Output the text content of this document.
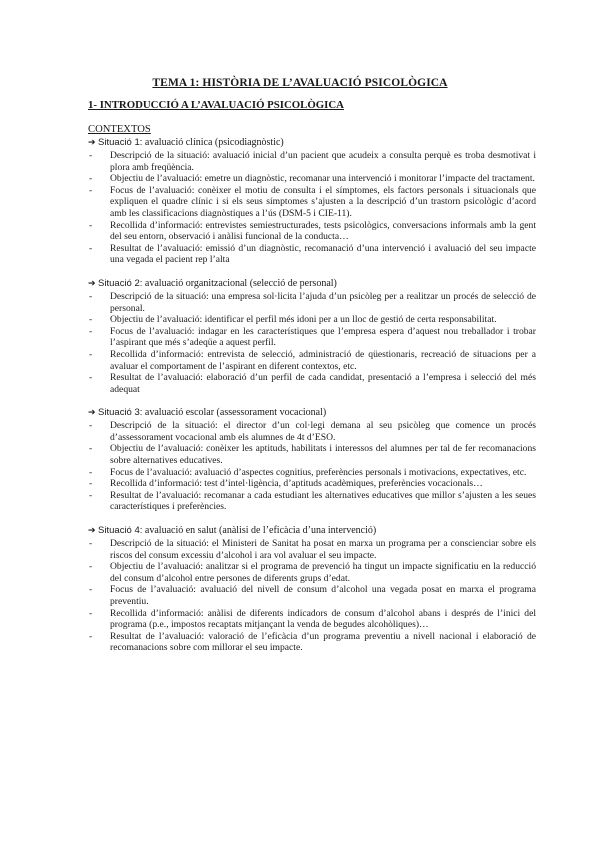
TEMA 1: HISTÒRIA DE L’AVALUACIÓ PSICOLÒGICA
1- INTRODUCCIÓ A L’AVALUACIÓ PSICOLÒGICA
CONTEXTOS
➔ Situació 1: avaluació clínica (psicodiagnòstic)
- Descripció de la situació: avaluació inicial d’un pacient que acudeix a consulta perquè es troba desmotivat i plora amb freqüència.
- Objectiu de l’avaluació: emetre un diagnòstic, recomanar una intervenció i monitorar l’impacte del tractament.
- Focus de l’avaluació: conèixer el motiu de consulta i el símptomes, els factors personals i situacionals que expliquen el quadre clínic i si els seus símptomes s’ajusten a la descripció d’un trastorn psicològic d’acord amb les classificacions diagnòstiques a l’ús (DSM-5 i CIE-11).
- Recollida d’informació: entrevistes semiestructurades, tests psicològics, conversacions informals amb la gent del seu entorn, observació i anàlisi funcional de la conducta…
- Resultat de l’avaluació: emissió d’un diagnòstic, recomanació d’una intervenció i avaluació del seu impacte una vegada el pacient rep l’alta
➔ Situació 2: avaluació organitzacional (selecció de personal)
- Descripció de la situació: una empresa sol·licita l’ajuda d’un psicòleg per a realitzar un procés de selecció de personal.
- Objectiu de l’avaluació: identificar el perfil més idoni per a un lloc de gestió de certa responsabilitat.
- Focus de l’avaluació: indagar en les característiques que l’empresa espera d’aquest nou treballador i trobar l’aspirant que més s’adeqüe a aquest perfil.
- Recollida d’informació: entrevista de selecció, administració de qüestionaris, recreació de situacions per a avaluar el comportament de l’aspirant en diferent contextos, etc.
- Resultat de l’avaluació: elaboració d’un perfil de cada candidat, presentació a l’empresa i selecció del més adequat
➔ Situació 3: avaluació escolar (assessorament vocacional)
- Descripció de la situació: el director d’un col·legi demana al seu psicòleg que comence un procés d’assessorament vocacional amb els alumnes de 4t d’ESO.
- Objectiu de l’avaluació: conèixer les aptituds, habilitats i interessos del alumnes per tal de fer recomanacions sobre alternatives educatives.
- Focus de l’avaluació: avaluació d’aspectes cognitius, preferències personals i motivacions, expectatives, etc.
- Recollida d’informació: test d’intel·ligència, d’aptituds acadèmiques, preferències vocacionals…
- Resultat de l’avaluació: recomanar a cada estudiant les alternatives educatives que millor s’ajusten a les seues característiques i preferències.
➔ Situació 4: avaluació en salut (anàlisi de l’eficàcia d’una intervenció)
- Descripció de la situació: el Ministeri de Sanitat ha posat en marxa un programa per a conscienciar sobre els riscos del consum excessiu d’alcohol i ara vol avaluar el seu impacte.
- Objectiu de l’avaluació: analitzar si el programa de prevenció ha tingut un impacte significatiu en la reducció del consum d’alcohol entre persones de diferents grups d’edat.
- Focus de l’avaluació: avaluació del nivell de consum d’alcohol una vegada posat en marxa el programa preventiu.
- Recollida d’informació: anàlisi de diferents indicadors de consum d’alcohol abans i després de l’inici del programa (p.e., impostos recaptats mitjançant la venda de begudes alcohòliques)…
- Resultat de l’avaluació: valoració de l’eficàcia d’un programa preventiu a nivell nacional i elaboració de recomanacions sobre com millorar el seu impacte.
